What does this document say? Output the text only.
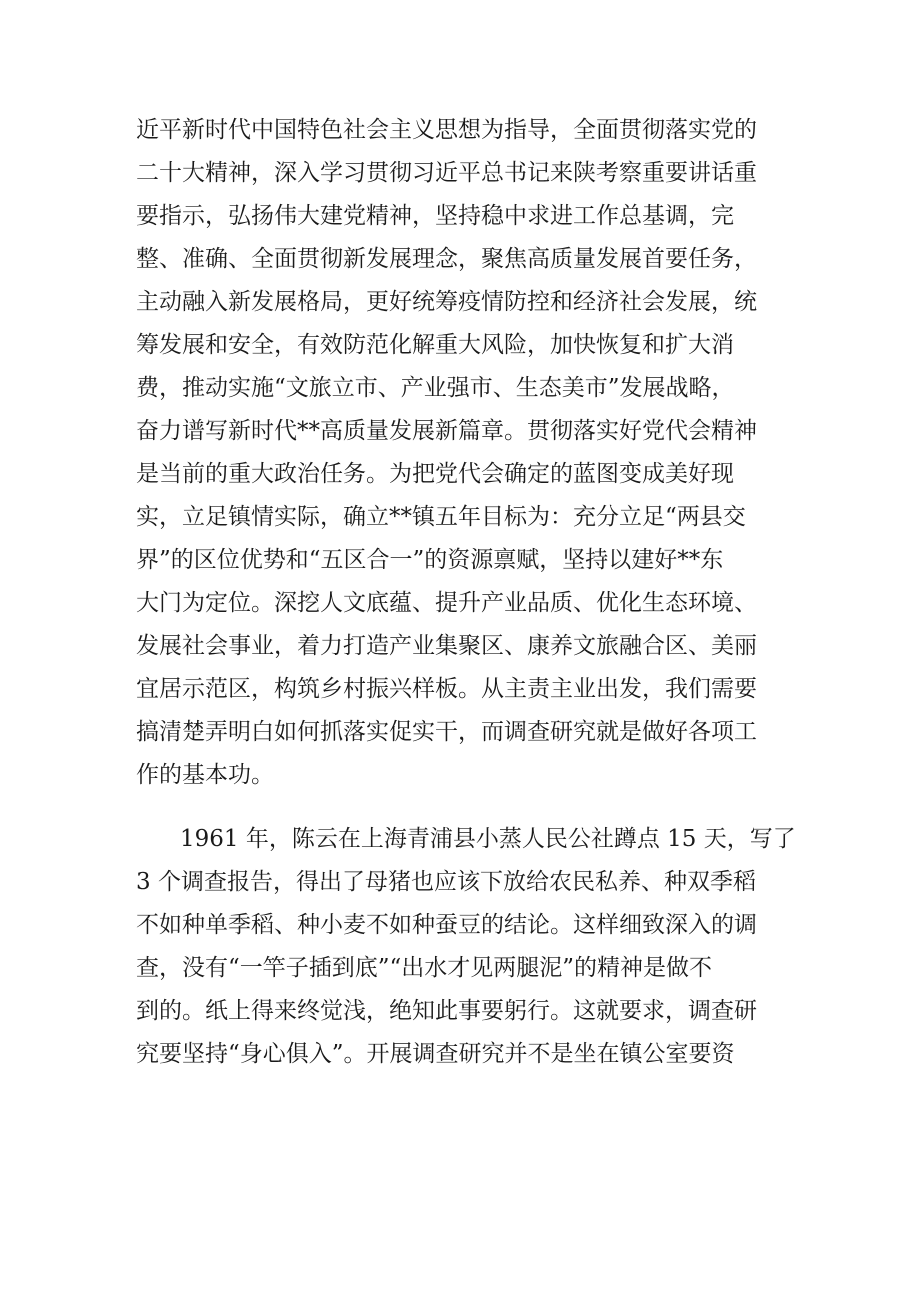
近平新时代中国特色社会主义思想为指导，全面贯彻落实党的
二十大精神，深入学习贯彻习近平总书记来陕考察重要讲话重
要指示，弘扬伟大建党精神，坚持稳中求进工作总基调，完
整、准确、全面贯彻新发展理念，聚焦高质量发展首要任务，
主动融入新发展格局，更好统筹疫情防控和经济社会发展，统
筹发展和安全，有效防范化解重大风险，加快恢复和扩大消
费，推动实施“文旅立市、产业强市、生态美市”发展战略，
奋力谱写新时代**高质量发展新篇章。贯彻落实好党代会精神
是当前的重大政治任务。为把党代会确定的蓝图变成美好现
实，立足镇情实际，确立**镇五年目标为：充分立足“两县交
界”的区位优势和“五区合一”的资源禀赋，坚持以建好**东
大门为定位。深挖人文底蕴、提升产业品质、优化生态环境、
发展社会事业，着力打造产业集聚区、康养文旅融合区、美丽
宜居示范区，构筑乡村振兴样板。从主责主业出发，我们需要
搞清楚弄明白如何抓落实促实干，而调查研究就是做好各项工
作的基本功。
1961 年，陈云在上海青浦县小蒸人民公社蹲点 15 天，写了
3 个调查报告，得出了母猪也应该下放给农民私养、种双季稻
不如种单季稻、种小麦不如种蚕豆的结论。这样细致深入的调
查，没有“一竿子插到底”“出水才见两腿泥”的精神是做不
到的。纸上得来终觉浅，绝知此事要躬行。这就要求，调查研
究要坚持“身心俱入”。开展调查研究并不是坐在镇公室要资
